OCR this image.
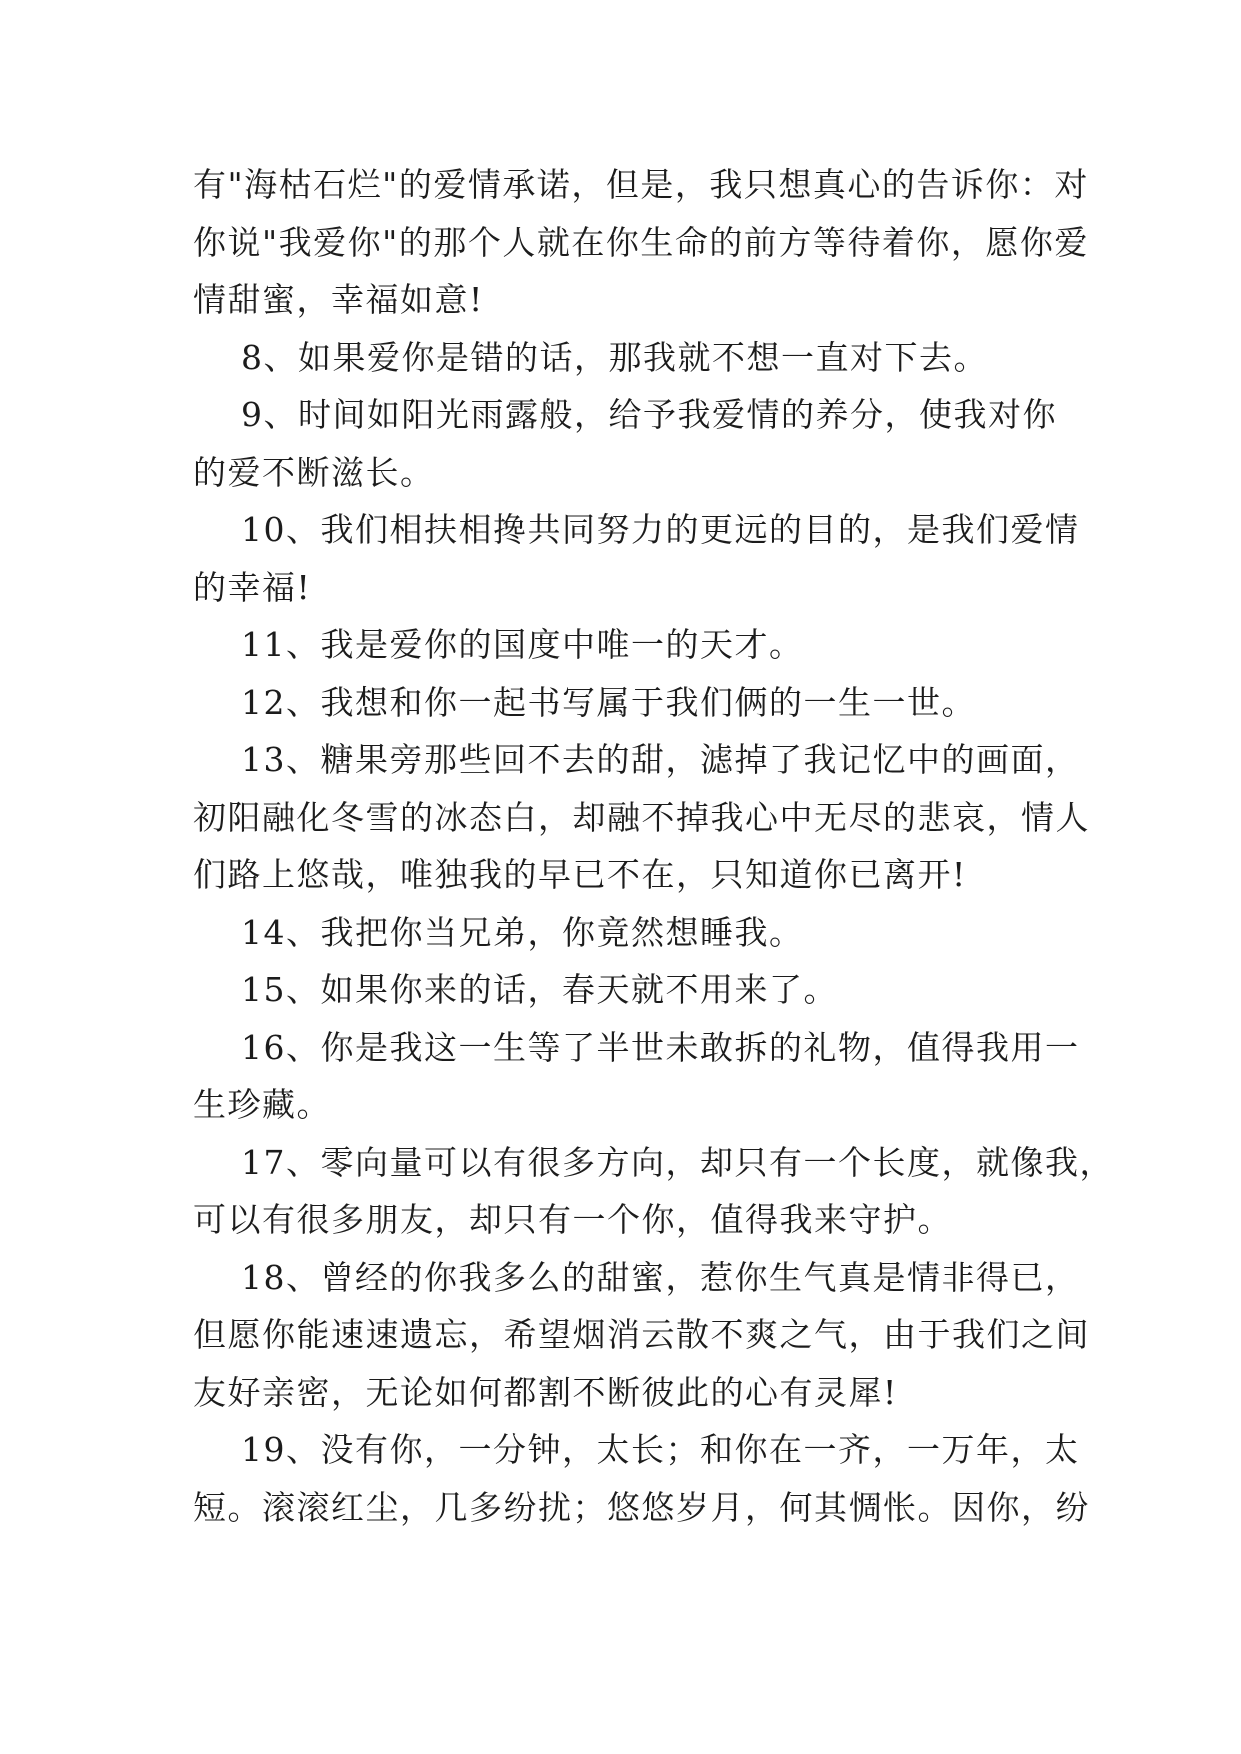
有"海枯石烂"的爱情承诺，但是，我只想真心的告诉你：对
你说"我爱你"的那个人就在你生命的前方等待着你，愿你爱
情甜蜜，幸福如意!
8、如果爱你是错的话，那我就不想一直对下去。
9、时间如阳光雨露般，给予我爱情的养分，使我对你
的爱不断滋长。
10、我们相扶相搀共同努力的更远的目的，是我们爱情
的幸福!
11、我是爱你的国度中唯一的天才。
12、我想和你一起书写属于我们俩的一生一世。
13、糖果旁那些回不去的甜，滤掉了我记忆中的画面，
初阳融化冬雪的冰态白，却融不掉我心中无尽的悲哀，情人
们路上悠哉，唯独我的早已不在，只知道你已离开!
14、我把你当兄弟，你竟然想睡我。
15、如果你来的话，春天就不用来了。
16、你是我这一生等了半世未敢拆的礼物，值得我用一
生珍藏。
17、零向量可以有很多方向，却只有一个长度，就像我，
可以有很多朋友，却只有一个你，值得我来守护。
18、曾经的你我多么的甜蜜，惹你生气真是情非得已，
但愿你能速速遗忘，希望烟消云散不爽之气，由于我们之间
友好亲密，无论如何都割不断彼此的心有灵犀!
19、没有你，一分钟，太长；和你在一齐，一万年，太
短。滚滚红尘，几多纷扰；悠悠岁月，何其惆怅。因你，纷
